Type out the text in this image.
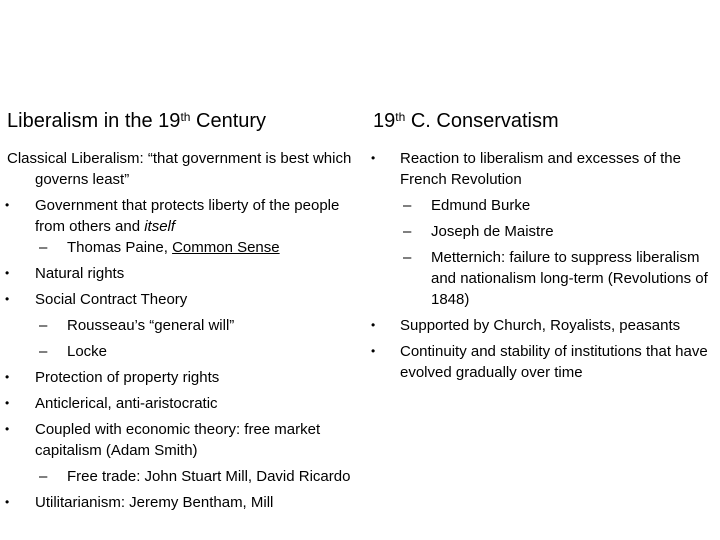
Liberalism in the 19th Century
Classical Liberalism: “that government is best which governs least”
• Government that protects liberty of the people from others and itself
– Thomas Paine, Common Sense
• Natural rights
• Social Contract Theory
– Rousseau’s “general will”
– Locke
• Protection of property rights
• Anticlerical, anti-aristocratic
• Coupled with economic theory: free market capitalism (Adam Smith)
– Free trade: John Stuart Mill, David Ricardo
• Utilitarianism: Jeremy Bentham, Mill
19th C. Conservatism
• Reaction to liberalism and excesses of the French Revolution
– Edmund Burke
– Joseph de Maistre
– Metternich: failure to suppress liberalism and nationalism long-term (Revolutions of 1848)
• Supported by Church, Royalists, peasants
• Continuity and stability of institutions that have evolved gradually over time
